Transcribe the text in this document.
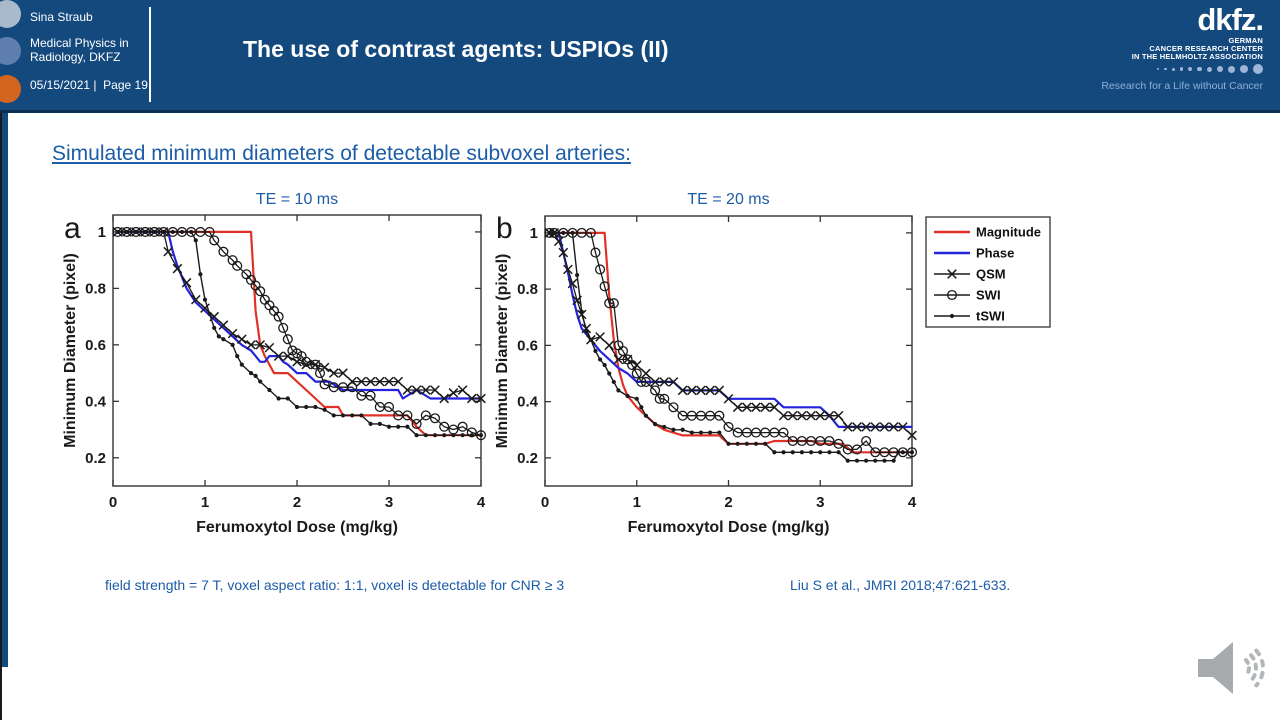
Sina Straub
Medical Physics in
Radiology, DKFZ
05/15/2021 |  Page 19
The use of contrast agents: USPIOs (II)
dkfz.
GERMAN
CANCER RESEARCH CENTER
IN THE HELMHOLTZ ASSOCIATION
Research for a Life without Cancer
Simulated minimum diameters of detectable subvoxel arteries:
0	1	2	3	4
0.2
0.4
0.6
0.8
1
a
TE = 10 ms
Ferumoxytol Dose (mg/kg)
Minimum Diameter (pixel)
0	1	2	3	4
0.2
0.4
0.6
0.8
1
b
TE = 20 ms
Ferumoxytol Dose (mg/kg)
Minimum Diameter (pixel)
Magnitude
Phase
QSM
SWI
tSWI
field strength = 7 T, voxel aspect ratio: 1:1, voxel is detectable for CNR ≥ 3	Liu S et al., JMRI 2018;47:621-633.
